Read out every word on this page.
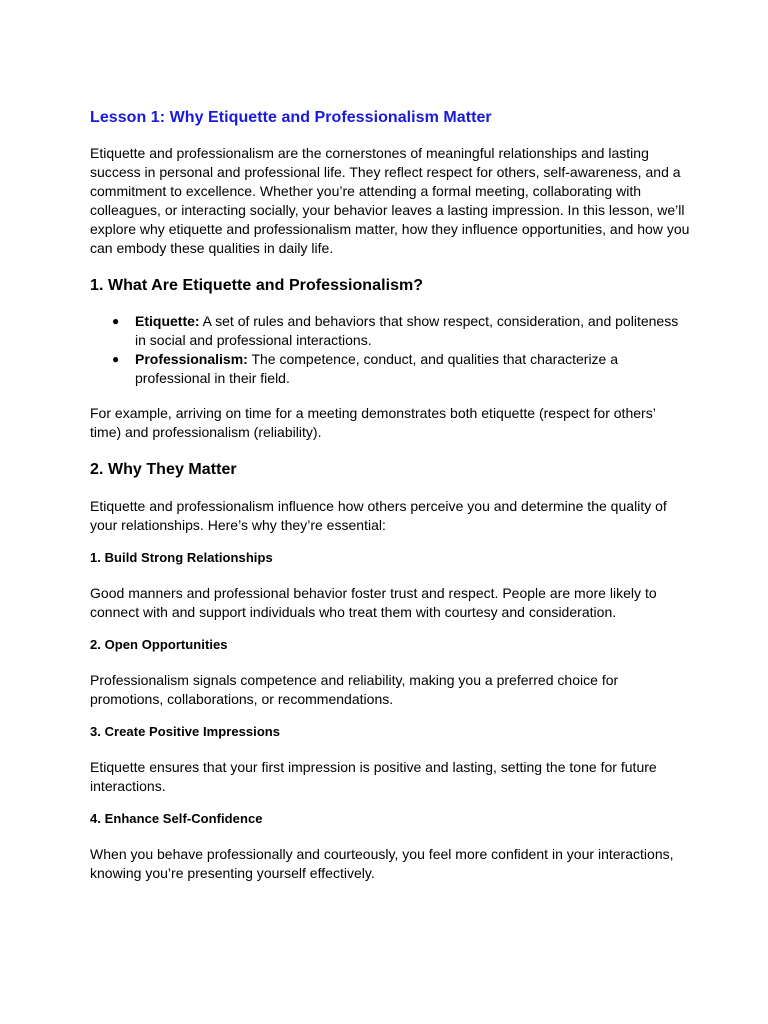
Lesson 1: Why Etiquette and Professionalism Matter

Etiquette and professionalism are the cornerstones of meaningful relationships and lasting success in personal and professional life. They reflect respect for others, self-awareness, and a commitment to excellence. Whether you’re attending a formal meeting, collaborating with colleagues, or interacting socially, your behavior leaves a lasting impression. In this lesson, we’ll explore why etiquette and professionalism matter, how they influence opportunities, and how you can embody these qualities in daily life.

1. What Are Etiquette and Professionalism?
● Etiquette: A set of rules and behaviors that show respect, consideration, and politeness in social and professional interactions.
● Professionalism: The competence, conduct, and qualities that characterize a professional in their field.

For example, arriving on time for a meeting demonstrates both etiquette (respect for others’ time) and professionalism (reliability).

2. Why They Matter

Etiquette and professionalism influence how others perceive you and determine the quality of your relationships. Here’s why they’re essential:

1. Build Strong Relationships

Good manners and professional behavior foster trust and respect. People are more likely to connect with and support individuals who treat them with courtesy and consideration.

2. Open Opportunities

Professionalism signals competence and reliability, making you a preferred choice for promotions, collaborations, or recommendations.

3. Create Positive Impressions

Etiquette ensures that your first impression is positive and lasting, setting the tone for future interactions.

4. Enhance Self-Confidence

When you behave professionally and courteously, you feel more confident in your interactions, knowing you’re presenting yourself effectively.
